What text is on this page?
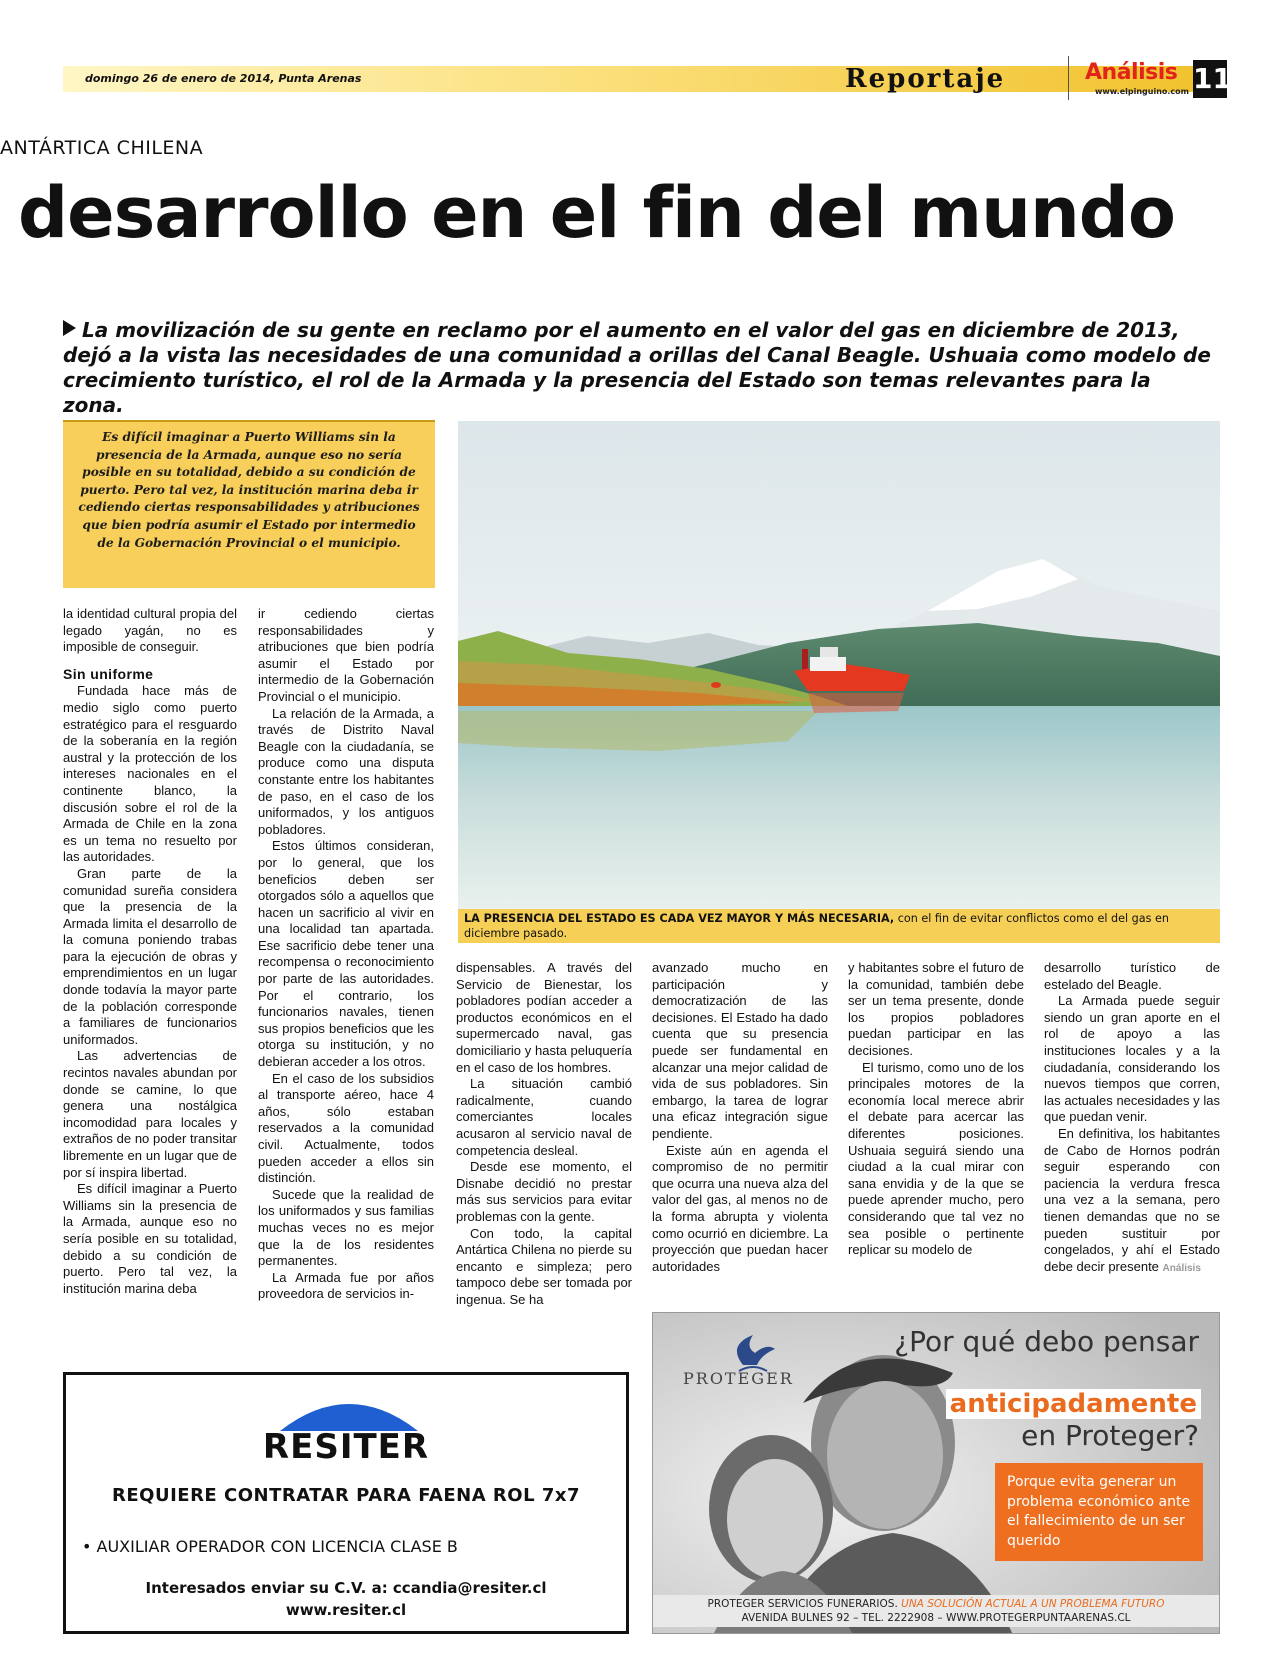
domingo 26 de enero de 2014, Punta Arenas	Reportaje	Análisis
www.elpinguino.com 11
ANTÁRTICA CHILENA
desarrollo en el fin del mundo
La movilización de su gente en reclamo por el aumento en el valor del gas en diciembre de 2013, dejó a la vista las necesidades de una comunidad a orillas del Canal Beagle. Ushuaia como modelo de crecimiento turístico, el rol de la Armada y la presencia del Estado son temas relevantes para la zona.

Es difícil imaginar a Puerto Williams sin la presencia de la Armada, aunque eso no sería posible en su totalidad, debido a su condición de puerto. Pero tal vez, la institución marina deba ir cediendo ciertas responsabilidades y atribuciones que bien podría asumir el Estado por intermedio de la Gobernación Provincial o el municipio.

LA PRESENCIA DEL ESTADO ES CADA VEZ MAYOR Y MÁS NECESARIA, con el fin de evitar conflictos como el del gas en diciembre pasado.

la identidad cultural propia del legado yagán, no es imposible de conseguir.

Sin uniforme

Fundada hace más de medio siglo como puerto estratégico para el resguardo de la soberanía en la región austral y la protección de los intereses nacionales en el continente blanco, la discusión sobre el rol de la Armada de Chile en la zona es un tema no resuelto por las autoridades.

Gran parte de la comunidad sureña considera que la presencia de la Armada limita el desarrollo de la comuna poniendo trabas para la ejecución de obras y emprendimientos en un lugar donde todavía la mayor parte de la población corresponde a familiares de funcionarios uniformados.

Las advertencias de recintos navales abundan por donde se camine, lo que genera una nostálgica incomodidad para locales y extraños de no poder transitar libremente en un lugar que de por sí inspira libertad.

Es difícil imaginar a Puerto Williams sin la presencia de la Armada, aunque eso no sería posible en su totalidad, debido a su condición de puerto. Pero tal vez, la institución marina deba

ir cediendo ciertas responsabilidades y atribuciones que bien podría asumir el Estado por intermedio de la Gobernación Provincial o el municipio.

La relación de la Armada, a través de Distrito Naval Beagle con la ciudadanía, se produce como una disputa constante entre los habitantes de paso, en el caso de los uniformados, y los antiguos pobladores.

Estos últimos consideran, por lo general, que los beneficios deben ser otorgados sólo a aquellos que hacen un sacrificio al vivir en una localidad tan apartada. Ese sacrificio debe tener una recompensa o reconocimiento por parte de las autoridades. Por el contrario, los funcionarios navales, tienen sus propios beneficios que les otorga su institución, y no debieran acceder a los otros.

En el caso de los subsidios al transporte aéreo, hace 4 años, sólo estaban reservados a la comunidad civil. Actualmente, todos pueden acceder a ellos sin distinción.

Sucede que la realidad de los uniformados y sus familias muchas veces no es mejor que la de los residentes permanentes.

La Armada fue por años proveedora de servicios in-

dispensables. A través del Servicio de Bienestar, los pobladores podían acceder a productos económicos en el supermercado naval, gas domiciliario y hasta peluquería en el caso de los hombres.

La situación cambió radicalmente, cuando comerciantes locales acusaron al servicio naval de competencia desleal.

Desde ese momento, el Disnabe decidió no prestar más sus servicios para evitar problemas con la gente.

Con todo, la capital Antártica Chilena no pierde su encanto e simpleza; pero tampoco debe ser tomada por ingenua. Se ha

avanzado mucho en participación y democratización de las decisiones. El Estado ha dado cuenta que su presencia puede ser fundamental en alcanzar una mejor calidad de vida de sus pobladores. Sin embargo, la tarea de lograr una eficaz integración sigue pendiente.

Existe aún en agenda el compromiso de no permitir que ocurra una nueva alza del valor del gas, al menos no de la forma abrupta y violenta como ocurrió en diciembre. La proyección que puedan hacer autoridades

y habitantes sobre el futuro de la comunidad, también debe ser un tema presente, donde los propios pobladores puedan participar en las decisiones.

El turismo, como uno de los principales motores de la economía local merece abrir el debate para acercar las diferentes posiciones. Ushuaia seguirá siendo una ciudad a la cual mirar con sana envidia y de la que se puede aprender mucho, pero considerando que tal vez no sea posible o pertinente replicar su modelo de

desarrollo turístico de estelado del Beagle.

La Armada puede seguir siendo un gran aporte en el rol de apoyo a las instituciones locales y a la ciudadanía, considerando los nuevos tiempos que corren, las actuales necesidades y las que puedan venir.

En definitiva, los habitantes de Cabo de Hornos podrán seguir esperando con paciencia la verdura fresca una vez a la semana, pero tienen demandas que no se pueden sustituir por congelados, y ahí el Estado debe decir presente Análisis

RESITER
REQUIERE CONTRATAR PARA FAENA ROL 7x7
• AUXILIAR OPERADOR CON LICENCIA CLASE B
Interesados enviar su C.V. a: ccandia@resiter.cl
www.resiter.cl
PROTEGER
¿Por qué debo pensar
anticipadamente
en Proteger?
Porque evita generar un problema económico ante el fallecimiento de un ser querido
PROTEGER SERVICIOS FUNERARIOS. UNA SOLUCIÓN ACTUAL A UN PROBLEMA FUTURO
AVENIDA BULNES 92 – TEL. 2222908 – WWW.PROTEGERPUNTAARENAS.CL
